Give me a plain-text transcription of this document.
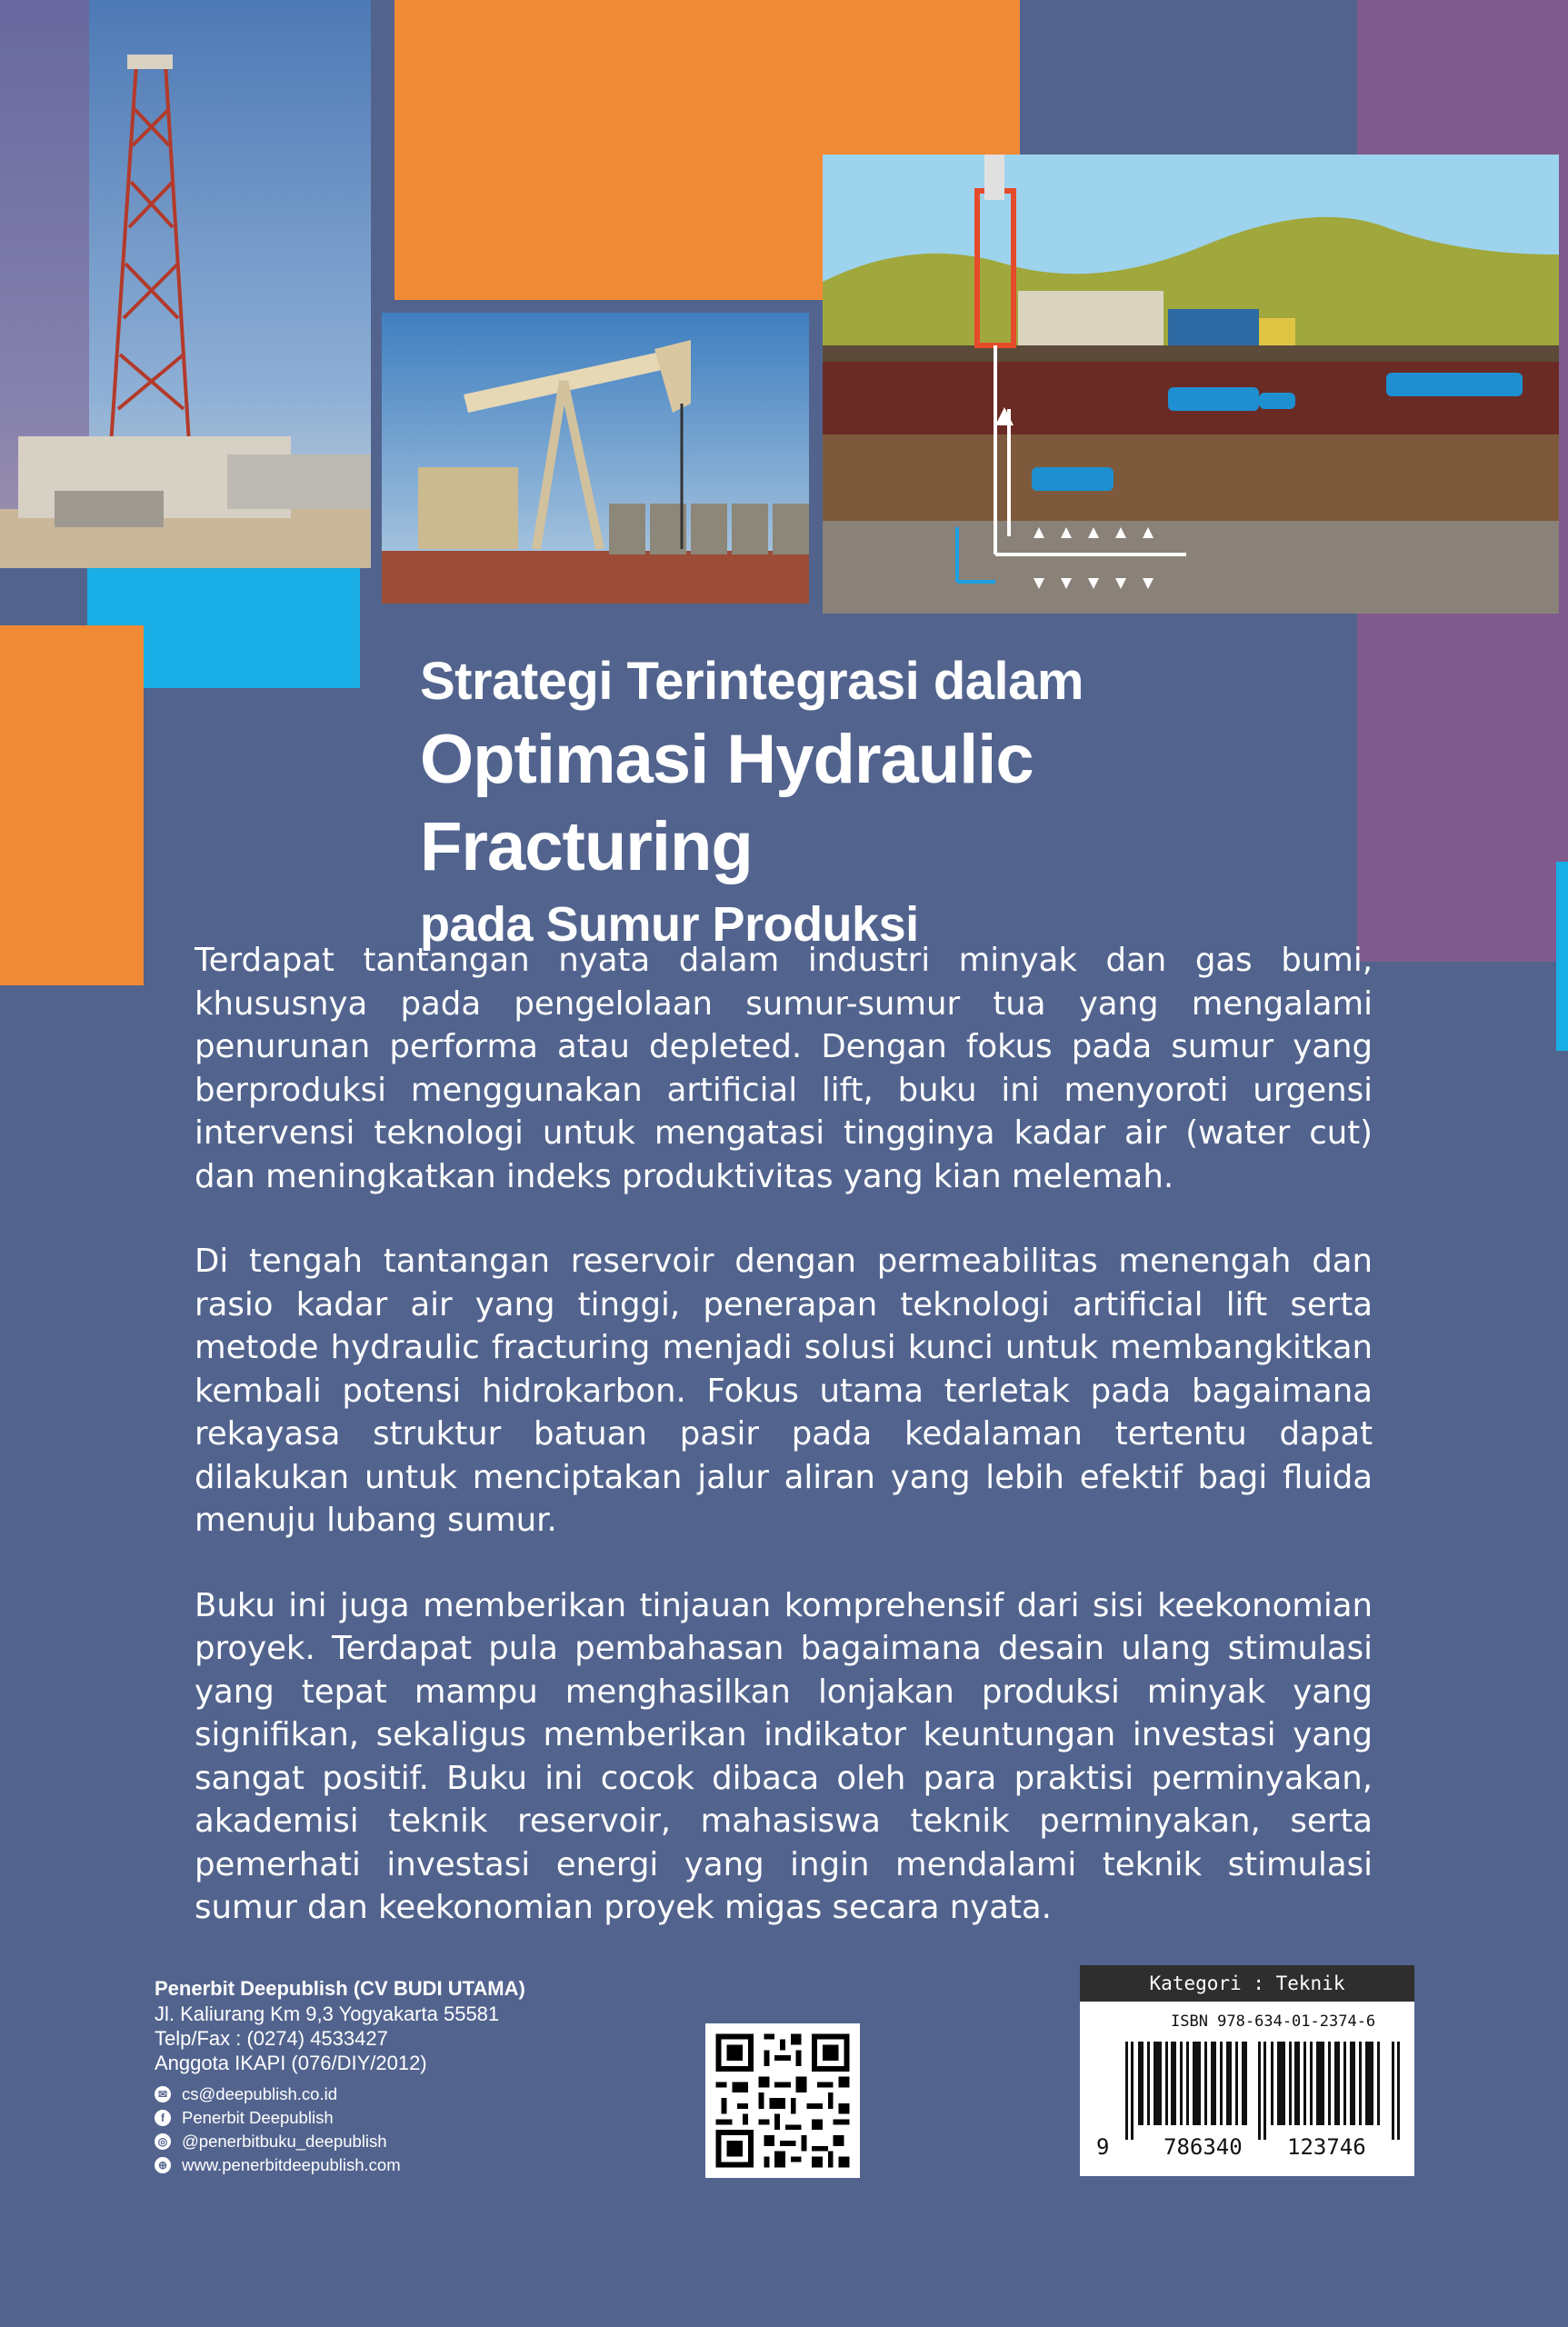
Strategi Terintegrasi dalam
Optimasi Hydraulic Fracturing
pada Sumur Produksi

Terdapat tantangan nyata dalam industri minyak dan gas bumi, khususnya pada pengelolaan sumur-sumur tua yang mengalami penurunan performa atau depleted. Dengan fokus pada sumur yang berproduksi menggunakan artificial lift, buku ini menyoroti urgensi intervensi teknologi untuk mengatasi tingginya kadar air (water cut) dan meningkatkan indeks produktivitas yang kian melemah.

Di tengah tantangan reservoir dengan permeabilitas menengah dan rasio kadar air yang tinggi, penerapan teknologi artificial lift serta metode hydraulic fracturing menjadi solusi kunci untuk membangkitkan kembali potensi hidrokarbon. Fokus utama terletak pada bagaimana rekayasa struktur batuan pasir pada kedalaman tertentu dapat dilakukan untuk menciptakan jalur aliran yang lebih efektif bagi fluida menuju lubang sumur.

Buku ini juga memberikan tinjauan komprehensif dari sisi keekonomian proyek. Terdapat pula pembahasan bagaimana desain ulang stimulasi yang tepat mampu menghasilkan lonjakan produksi minyak yang signifikan, sekaligus memberikan indikator keuntungan investasi yang sangat positif. Buku ini cocok dibaca oleh para praktisi perminyakan, akademisi teknik reservoir, mahasiswa teknik perminyakan, serta pemerhati investasi energi yang ingin mendalami teknik stimulasi sumur dan keekonomian proyek migas secara nyata.

Penerbit Deepublish (CV BUDI UTAMA)
Jl. Kaliurang Km 9,3 Yogyakarta 55581
Telp/Fax : (0274) 4533427
Anggota IKAPI (076/DIY/2012)
✉ cs@deepublish.co.id
f	Penerbit Deepublish
◎ @penerbitbuku_deepublish
⊕ www.penerbitdeepublish.com
Kategori : Teknik
ISBN 978-634-01-2374-6
9 786340 123746
